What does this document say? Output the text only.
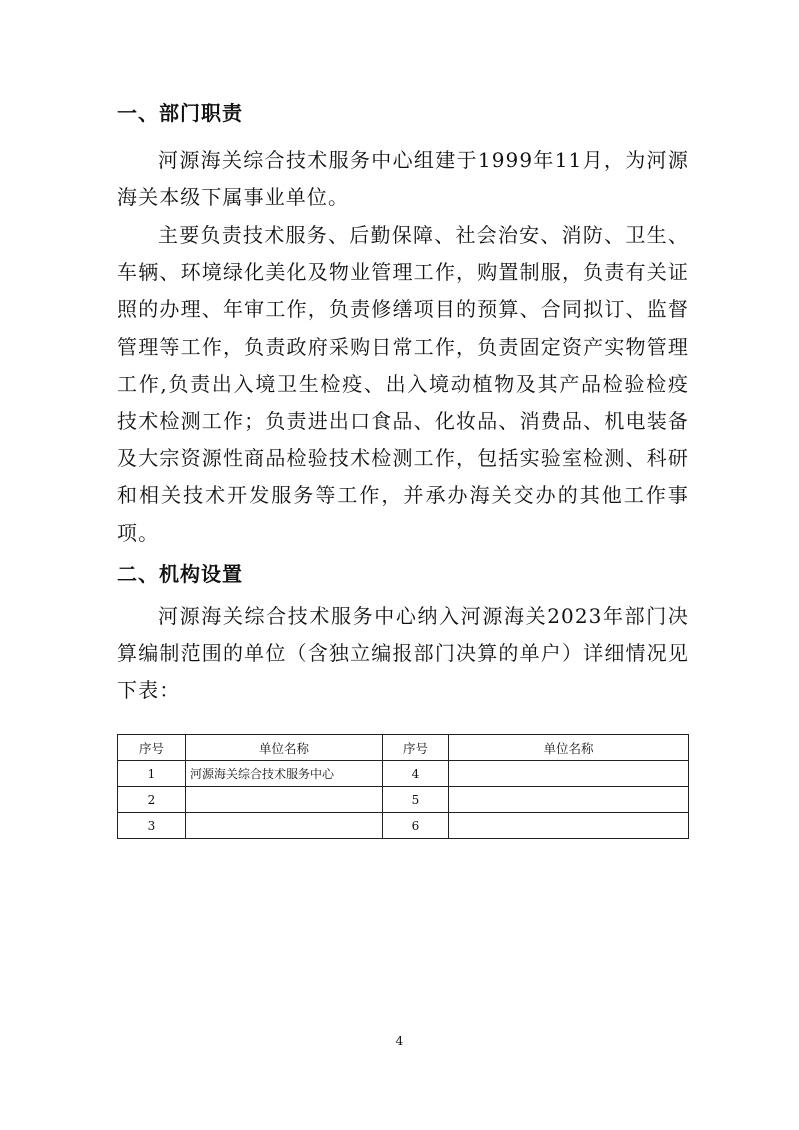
一、部门职责

河源海关综合技术服务中心组建于1999年11月，为河源海关本级下属事业单位。

主要负责技术服务、后勤保障、社会治安、消防、卫生、车辆、环境绿化美化及物业管理工作，购置制服，负责有关证照的办理、年审工作，负责修缮项目的预算、合同拟订、监督管理等工作，负责政府采购日常工作，负责固定资产实物管理工作,负责出入境卫生检疫、出入境动植物及其产品检验检疫技术检测工作；负责进出口食品、化妆品、消费品、机电装备及大宗资源性商品检验技术检测工作，包括实验室检测、科研和相关技术开发服务等工作，并承办海关交办的其他工作事项。

二、机构设置

河源海关综合技术服务中心纳入河源海关2023年部门决算编制范围的单位（含独立编报部门决算的单户）详细情况见下表：

序号	单位名称	序号	单位名称
1	河源海关综合技术服务中心	4	
2		5	
3		6	
4
